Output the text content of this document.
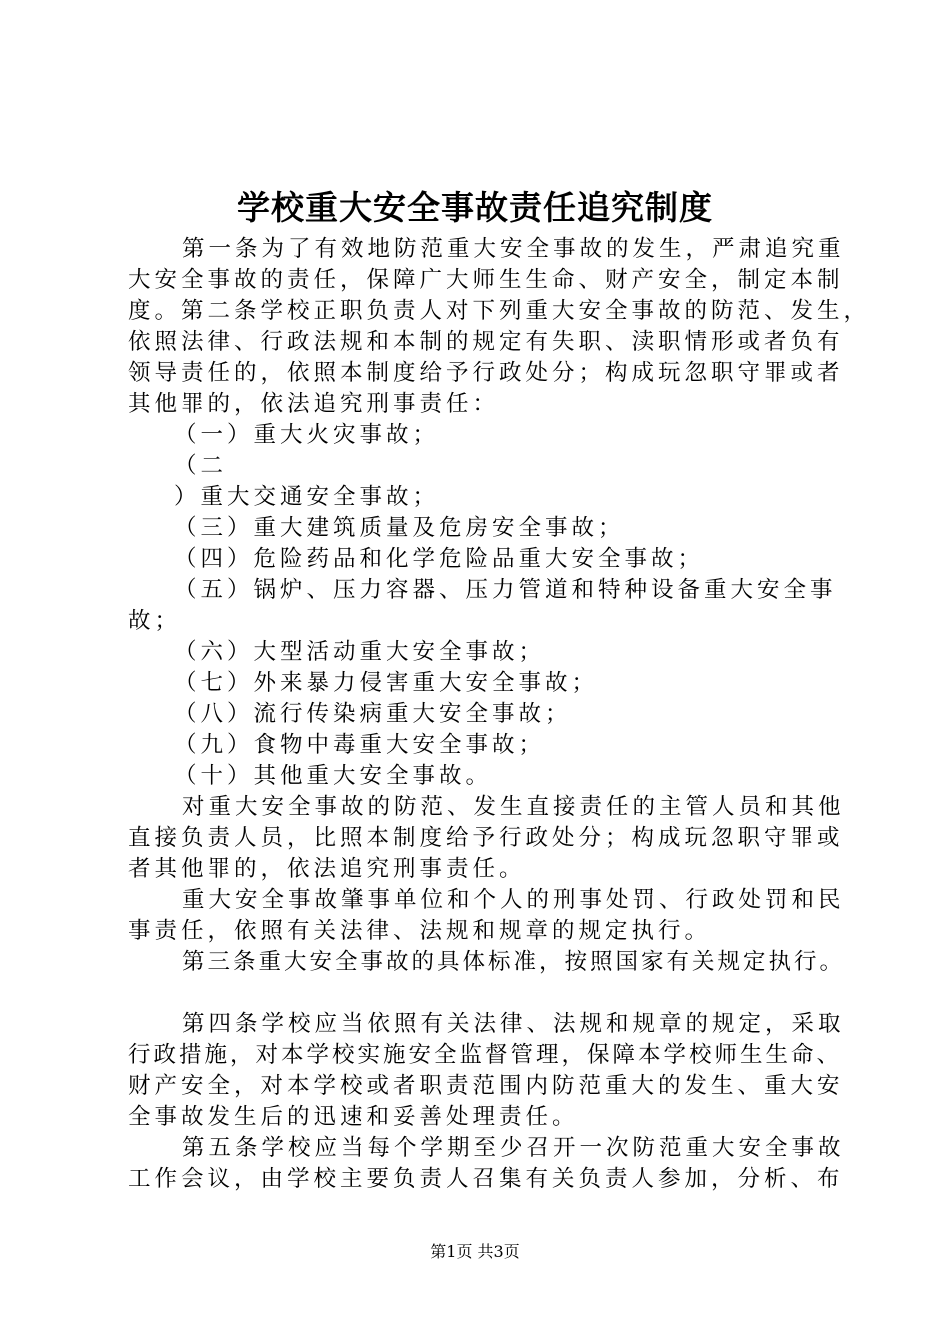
学校重大安全事故责任追究制度
第一条为了有效地防范重大安全事故的发生，严肃追究重
大安全事故的责任，保障广大师生生命、财产安全，制定本制
度。第二条学校正职负责人对下列重大安全事故的防范、发生，
依照法律、行政法规和本制的规定有失职、渎职情形或者负有
领导责任的，依照本制度给予行政处分；构成玩忽职守罪或者
其他罪的，依法追究刑事责任：
（一）重大火灾事故；
（二
）重大交通安全事故；
（三）重大建筑质量及危房安全事故；
（四）危险药品和化学危险品重大安全事故；
（五）锅炉、压力容器、压力管道和特种设备重大安全事
故；
（六）大型活动重大安全事故；
（七）外来暴力侵害重大安全事故；
（八）流行传染病重大安全事故；
（九）食物中毒重大安全事故；
（十）其他重大安全事故。
对重大安全事故的防范、发生直接责任的主管人员和其他
直接负责人员，比照本制度给予行政处分；构成玩忽职守罪或
者其他罪的，依法追究刑事责任。
重大安全事故肇事单位和个人的刑事处罚、行政处罚和民
事责任，依照有关法律、法规和规章的规定执行。
第三条重大安全事故的具体标准，按照国家有关规定执行。
第四条学校应当依照有关法律、法规和规章的规定，采取
行政措施，对本学校实施安全监督管理，保障本学校师生生命、
财产安全，对本学校或者职责范围内防范重大的发生、重大安
全事故发生后的迅速和妥善处理责任。
第五条学校应当每个学期至少召开一次防范重大安全事故
工作会议，由学校主要负责人召集有关负责人参加，分析、布
第1页 共3页
